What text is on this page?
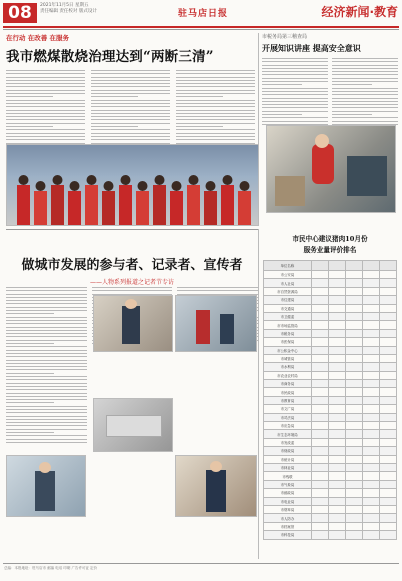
08	2021年11月5日 星期五
责任编辑 责任校对 版式设计	驻马店日报	经济新闻·教育
在行动 在改善 在服务
我市燃煤散烧治理达到“两断三清”
市税务局第三稽查局
开展知识讲座 提高安全意识
做城市发展的参与者、记录者、宣传者
——人物系列报道之记者节专访
市民中心建议猪肉10月份
服务业量评价排名
单位名称					
市公安局					
市人社局					
市自然资源局					
市住建局					
市交通局					
市卫健委					
市市场监管局					
市税务局					
市医保局					
市公积金中心					
市城管局					
市水利局					
市农业农村局					
市商务局					
市民政局					
市教育局					
市文广局					
市司法局					
市应急局					
市生态环境局					
市发改委					
市财政局					
市统计局					
市林业局					
市残联					
市气象局					
市邮政局					
市电业局					
市烟草局					
市人防办					
市档案馆					
市科技局					
总编：本报地址：驻马店市 邮编 电话 印刷 广告许可证 定价
